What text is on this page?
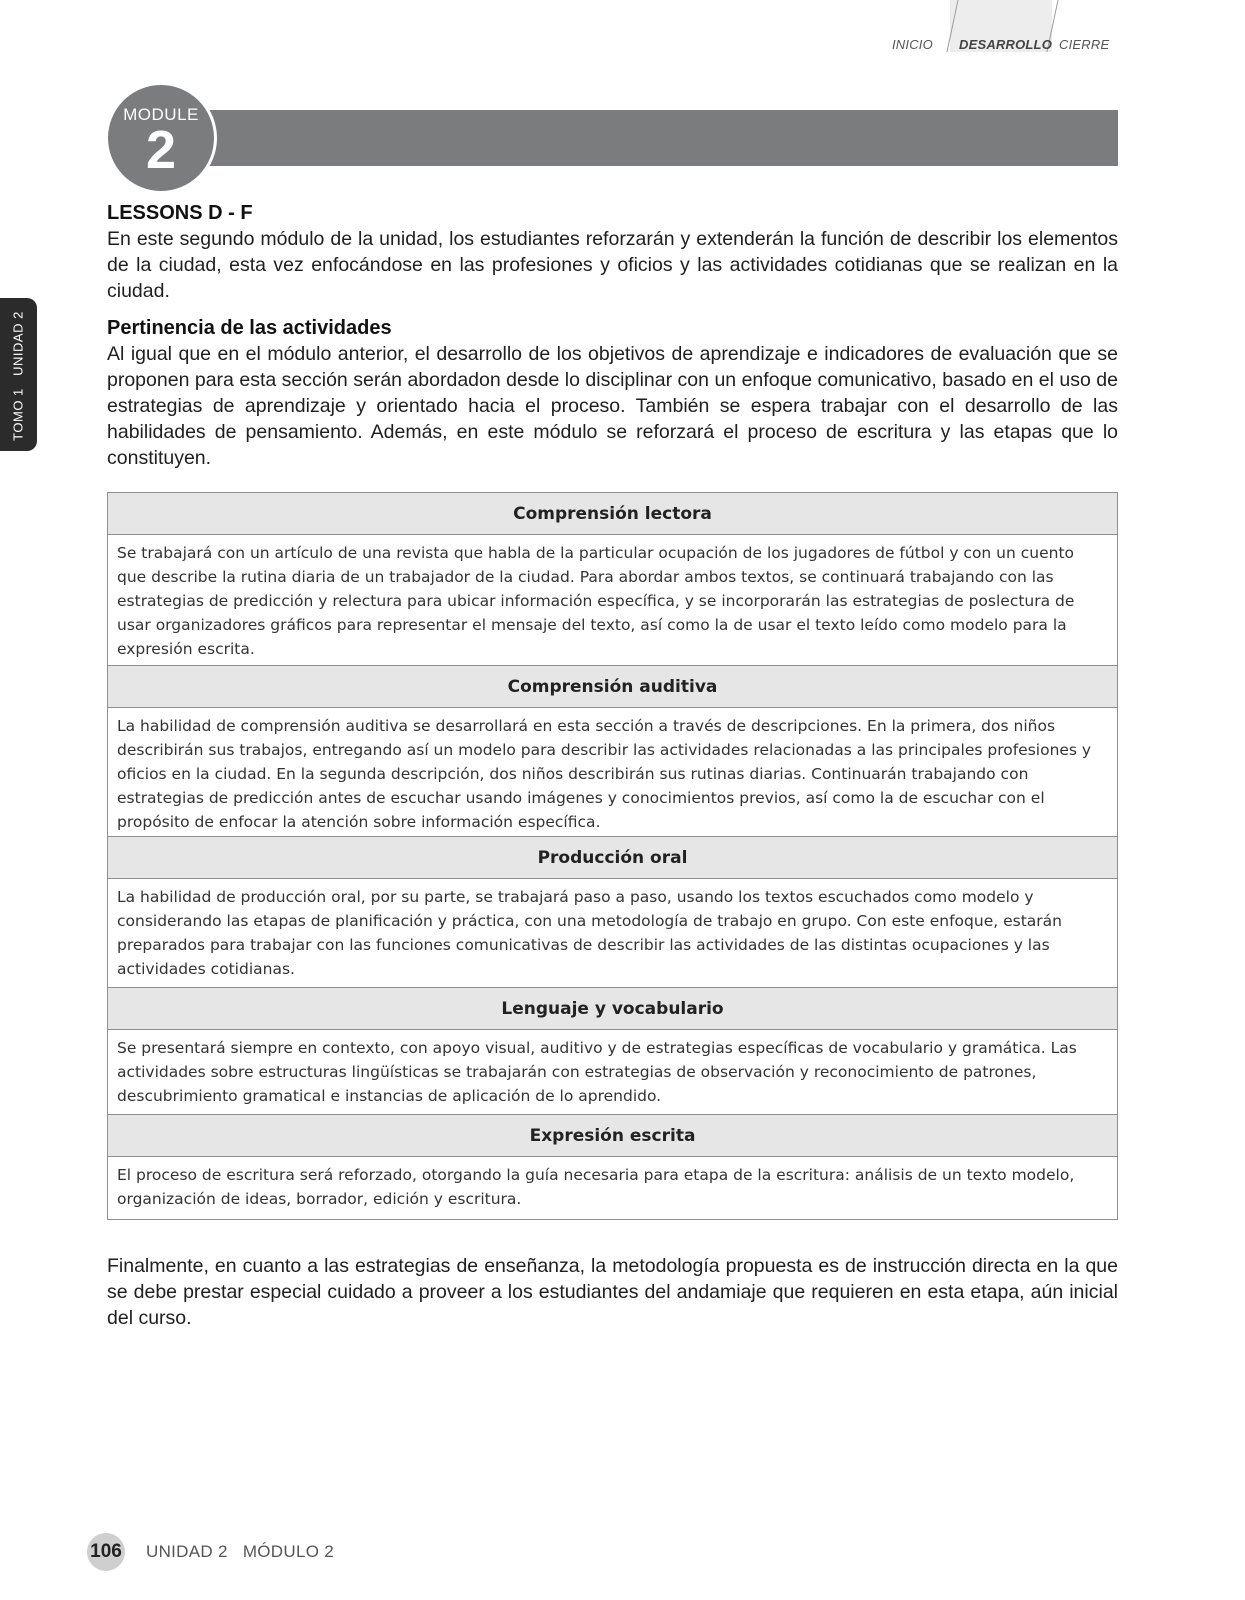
INICIO DESARROLLO CIERRE
TOMO 1   UNIDAD 2
MODULE
2
LESSONS D - F

En este segundo módulo de la unidad, los estudiantes reforzarán y extenderán la función de describir los elementos de la ciudad, esta vez enfocándose en las profesiones y oficios y las actividades cotidianas que se realizan en la ciudad.

Pertinencia de las actividades

Al igual que en el módulo anterior, el desarrollo de los objetivos de aprendizaje e indicadores de evaluación que se proponen para esta sección serán abordadon desde lo disciplinar con un enfoque comunicativo, basado en el uso de estrategias de aprendizaje y orientado hacia el proceso. También se espera trabajar con el desarrollo de las habilidades de pensamiento. Además, en este módulo se reforzará el proceso de escritura y las etapas que lo constituyen.

Comprensión lectora
Se trabajará con un artículo de una revista que habla de la particular ocupación de los jugadores de fútbol y con un cuento que describe la rutina diaria de un trabajador de la ciudad. Para abordar ambos textos, se continuará trabajando con las estrategias de predicción y relectura para ubicar información específica, y se incorporarán las estrategias de poslectura de usar organizadores gráficos para representar el mensaje del texto, así como la de usar el texto leído como modelo para la expresión escrita.
Comprensión auditiva
La habilidad de comprensión auditiva se desarrollará en esta sección a través de descripciones. En la primera, dos niños describirán sus trabajos, entregando así un modelo para describir las actividades relacionadas a las principales profesiones y oficios en la ciudad. En la segunda descripción, dos niños describirán sus rutinas diarias. Continuarán trabajando con estrategias de predicción antes de escuchar usando imágenes y conocimientos previos, así como la de escuchar con el propósito de enfocar la atención sobre información específica.
Producción oral
La habilidad de producción oral, por su parte, se trabajará paso a paso, usando los textos escuchados como modelo y considerando las etapas de planificación y práctica, con una metodología de trabajo en grupo. Con este enfoque, estarán preparados para trabajar con las funciones comunicativas de describir las actividades de las distintas ocupaciones y las actividades cotidianas.
Lenguaje y vocabulario
Se presentará siempre en contexto, con apoyo visual, auditivo y de estrategias específicas de vocabulario y gramática. Las actividades sobre estructuras lingüísticas se trabajarán con estrategias de observación y reconocimiento de patrones, descubrimiento gramatical e instancias de aplicación de lo aprendido.
Expresión escrita
El proceso de escritura será reforzado, otorgando la guía necesaria para etapa de la escritura: análisis de un texto modelo, organización de ideas, borrador, edición y escritura.

Finalmente, en cuanto a las estrategias de enseñanza, la metodología propuesta es de instrucción directa en la que se debe prestar especial cuidado a proveer a los estudiantes del andamiaje que requieren en esta etapa, aún inicial del curso.

106 UNIDAD 2   MÓDULO 2
